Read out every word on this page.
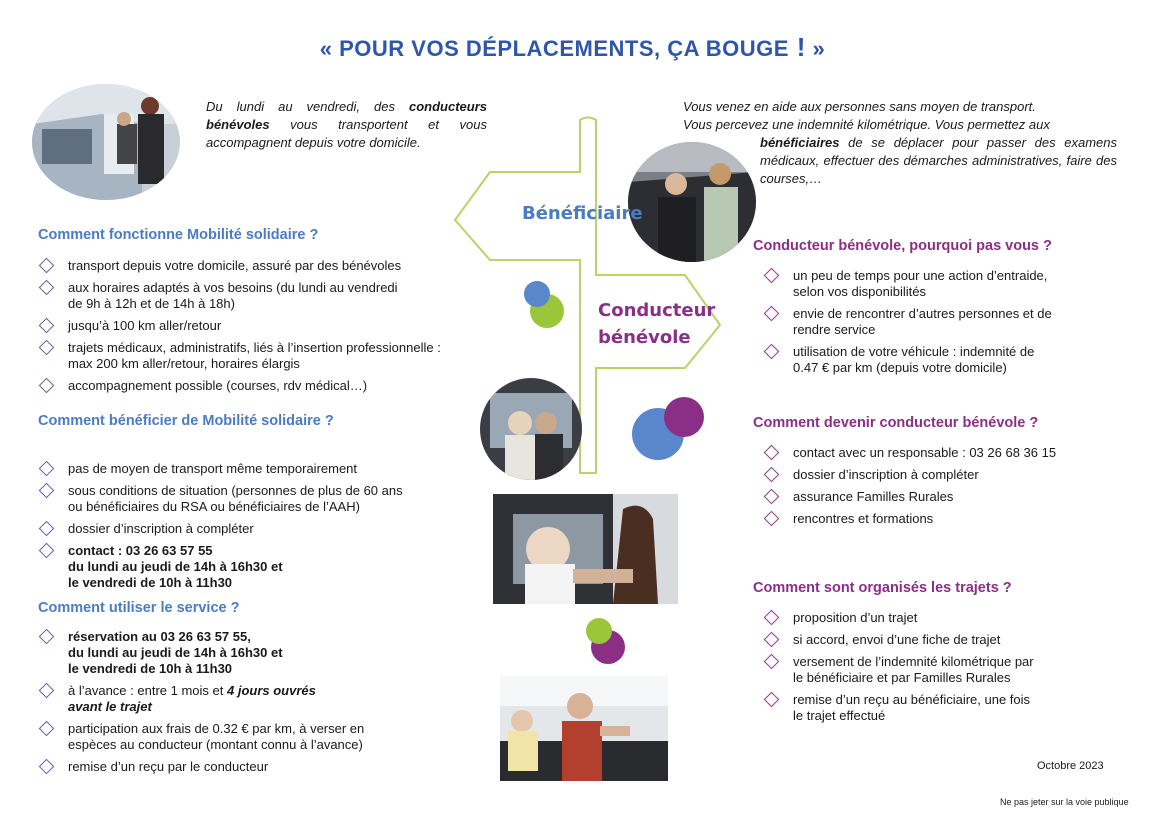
« POUR VOS DÉPLACEMENTS, ÇA BOUGE ! »
Du lundi au vendredi, des conducteurs bénévoles vous transportent et vous accompagnent depuis votre domicile.
Vous venez en aide aux personnes sans moyen de transport.
Vous percevez une indemnité kilométrique. Vous permettez aux
bénéficiaires de se déplacer pour passer des examens médicaux, effectuer des démarches administratives, faire des courses,…
Bénéficiaire
Conducteur
bénévole
Comment fonctionne Mobilité solidaire ?
transport depuis votre domicile, assuré par des bénévoles
aux horaires adaptés à vos besoins (du lundi au vendredi
de 9h à 12h et de 14h à 18h)
jusqu’à 100 km aller/retour
trajets médicaux, administratifs, liés à l’insertion professionnelle :
max 200 km aller/retour, horaires élargis
accompagnement possible (courses, rdv médical…)
Comment bénéficier de Mobilité solidaire ?
pas de moyen de transport même temporairement
sous conditions de situation (personnes de plus de 60 ans
ou bénéficiaires du RSA ou bénéficiaires de l’AAH)
dossier d’inscription à compléter
contact : 03 26 63 57 55
du lundi au jeudi de 14h à 16h30 et
le vendredi de 10h à 11h30
Comment utiliser le service ?
réservation au 03 26 63 57 55,
du lundi au jeudi de 14h à 16h30 et
le vendredi de 10h à 11h30
à l’avance : entre 1 mois et 4 jours ouvrés
avant le trajet
participation aux frais de 0.32 € par km, à verser en
espèces au conducteur (montant connu à l’avance)
remise d’un reçu par le conducteur
Conducteur bénévole, pourquoi pas vous ?
un peu de temps pour une action d’entraide,
selon vos disponibilités
envie de rencontrer d’autres personnes et de
rendre service
utilisation de votre véhicule : indemnité de
0.47 € par km (depuis votre domicile)
Comment devenir conducteur bénévole ?
contact avec un responsable : 03 26 68 36 15
dossier d’inscription à compléter
assurance Familles Rurales
rencontres et formations
Comment sont organisés les trajets ?
proposition d’un trajet
si accord, envoi d’une fiche de trajet
versement de l’indemnité kilométrique par
le bénéficiaire et par Familles Rurales
remise d’un reçu au bénéficiaire, une fois
le trajet effectué
Octobre 2023
Ne pas jeter sur la voie publique
